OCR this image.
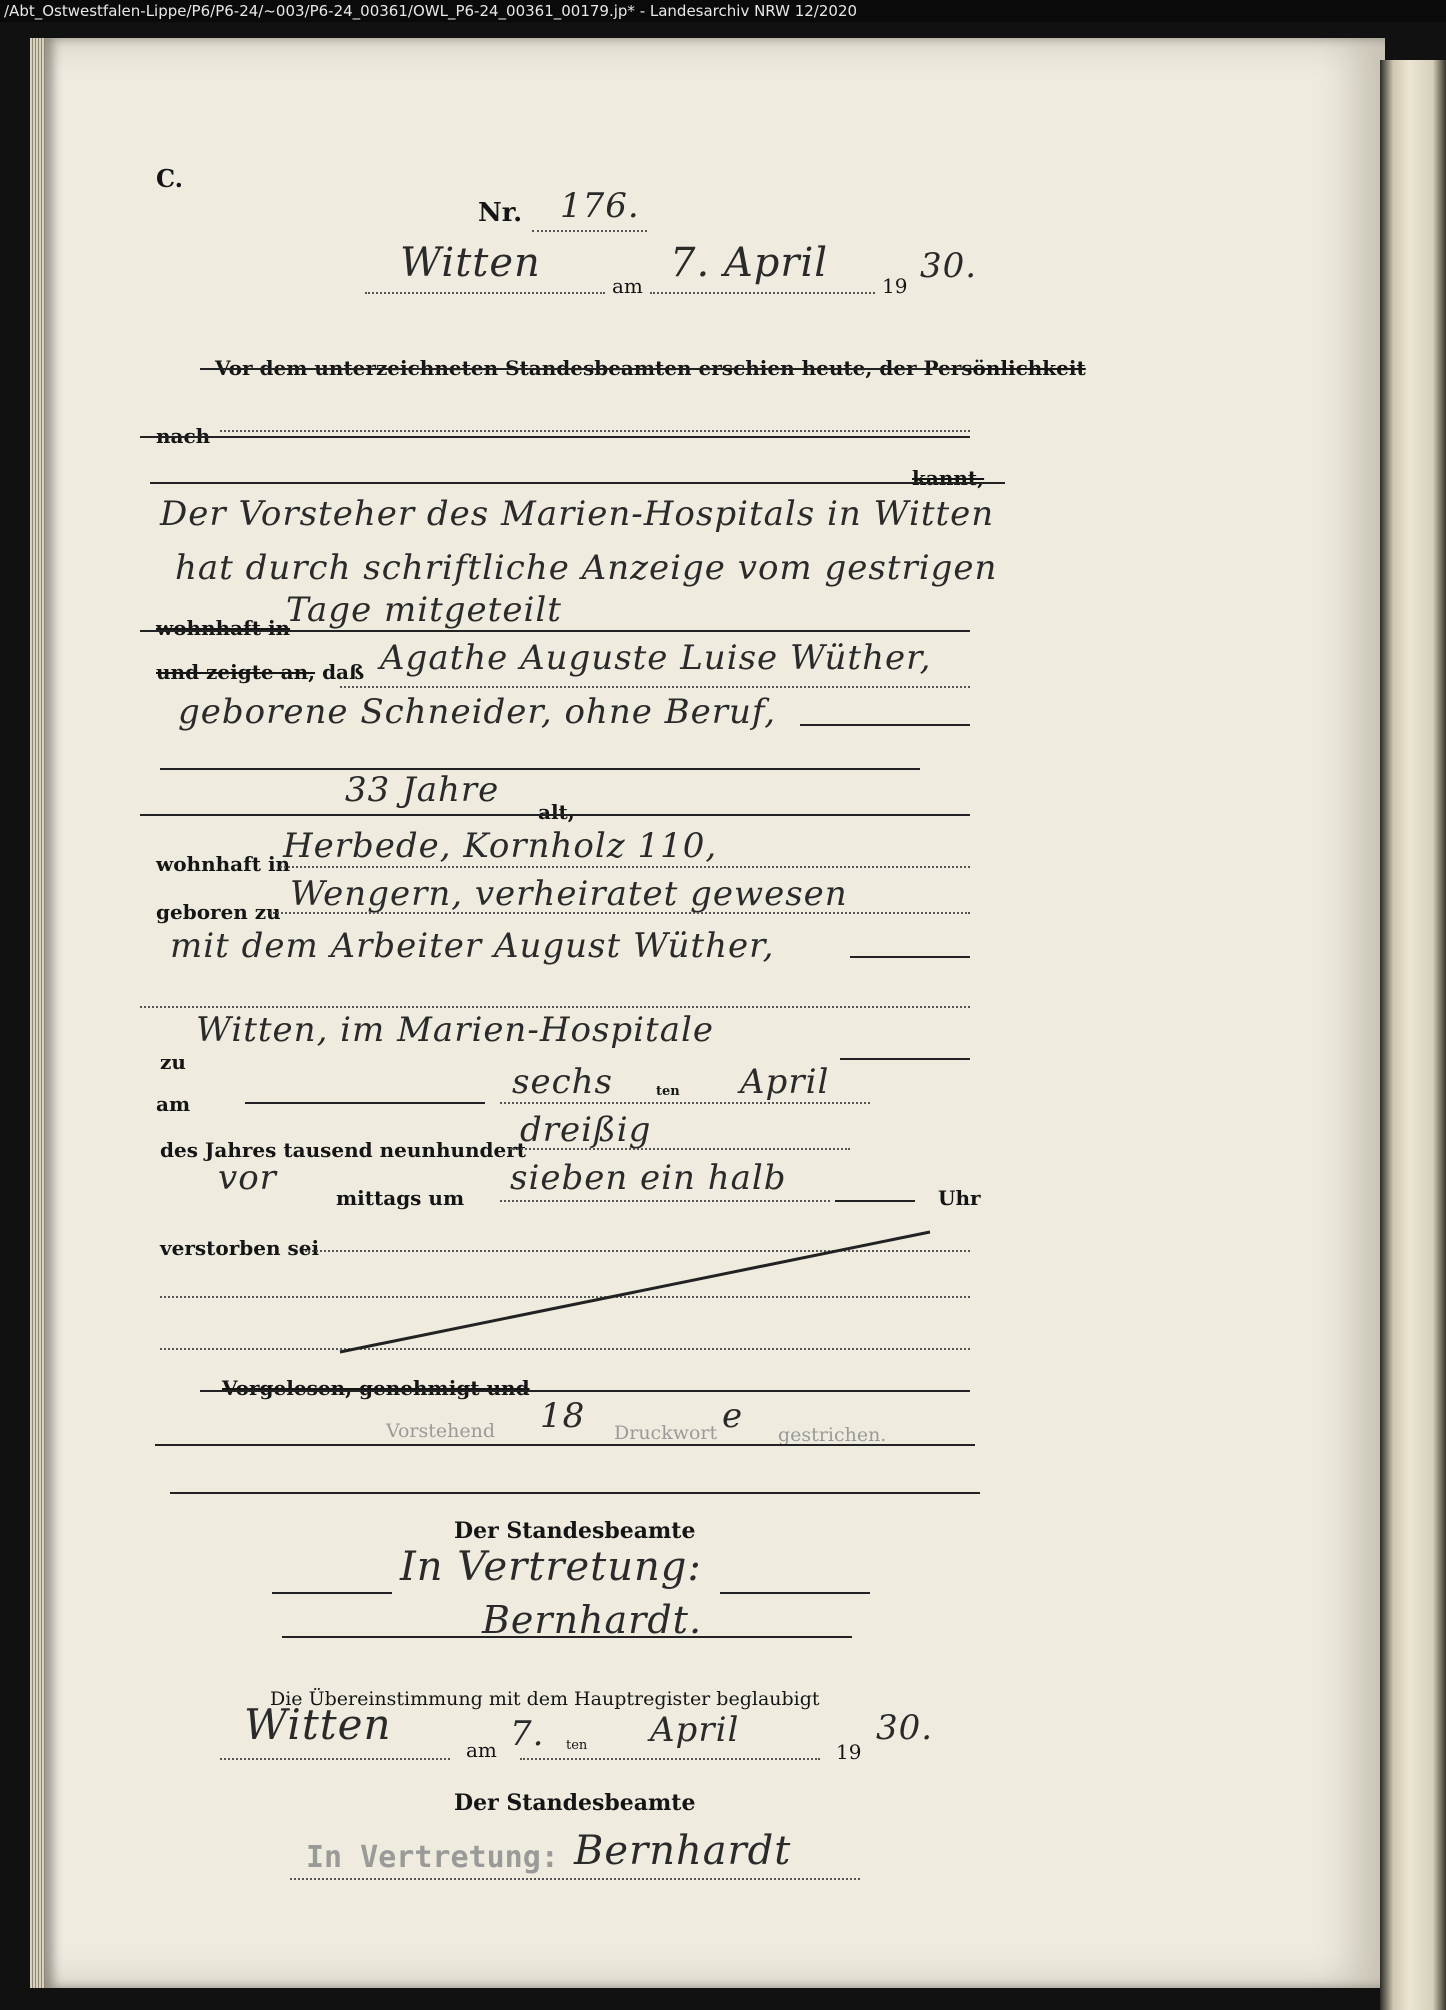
/Abt_Ostwestfalen-Lippe/P6/P6-24/~003/P6-24_00361/OWL_P6-24_00361_00179.jp* - Landesarchiv NRW 12/2020
C.
Nr. 176.
Witten	am 7. April	19 30.
Vor dem unterzeichneten Standesbeamten erschien heute, der Persönlichkeit
nach
kannt,
Der Vorsteher des Marien-Hospitals in Witten
hat durch schriftliche Anzeige vom gestrigen
Tage mitgeteilt
wohnhaft in
und zeigte an, daß Agathe Auguste Luise Wüther,
geborene Schneider, ohne Beruf,
33 Jahre
alt,
wohnhaft in
Herbede, Kornholz 110,
geboren zu Wengern, verheiratet gewesen
mit dem Arbeiter August Wüther,
Witten, im Marien-Hospitale
zu
am
sechs	ten April
des Jahres tausend neunhundert
dreißig
vor	mittags um sieben ein halb	Uhr
verstorben sei
Vorgelesen, genehmigt und
Vorstehend 18 Druckwort e gestrichen.
Der Standesbeamte
In Vertretung:
Bernhardt.
Die Übereinstimmung mit dem Hauptregister beglaubigt
Witten
am 7. ten April
19
30.
Der Standesbeamte
In Vertretung: Bernhardt
